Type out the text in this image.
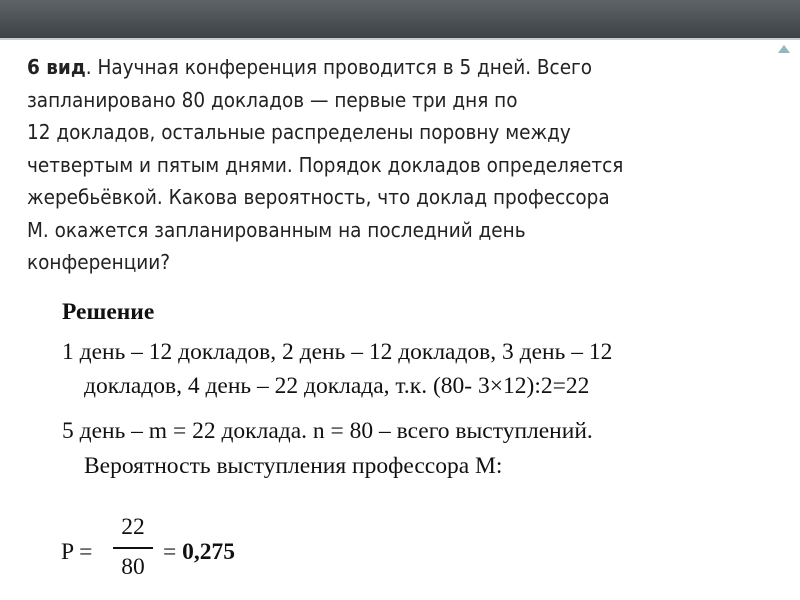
6 вид. Научная конференция проводится в 5 дней. Всего
запланировано 80 докладов — первые три дня по
12 докладов, остальные распределены поровну между
четвертым и пятым днями. Порядок докладов определяется
жеребьёвкой. Какова вероятность, что доклад профессора
М. окажется запланированным на последний день
конференции?

Решение
1 день – 12 докладов, 2 день – 12 докладов, 3 день – 12
докладов, 4 день – 22 доклада, т.к. (80- 3×12):2=22
5 день – m = 22 доклада. n = 80 – всего выступлений.
Вероятность выступления профессора М:
P =
22
80
= 0,275
